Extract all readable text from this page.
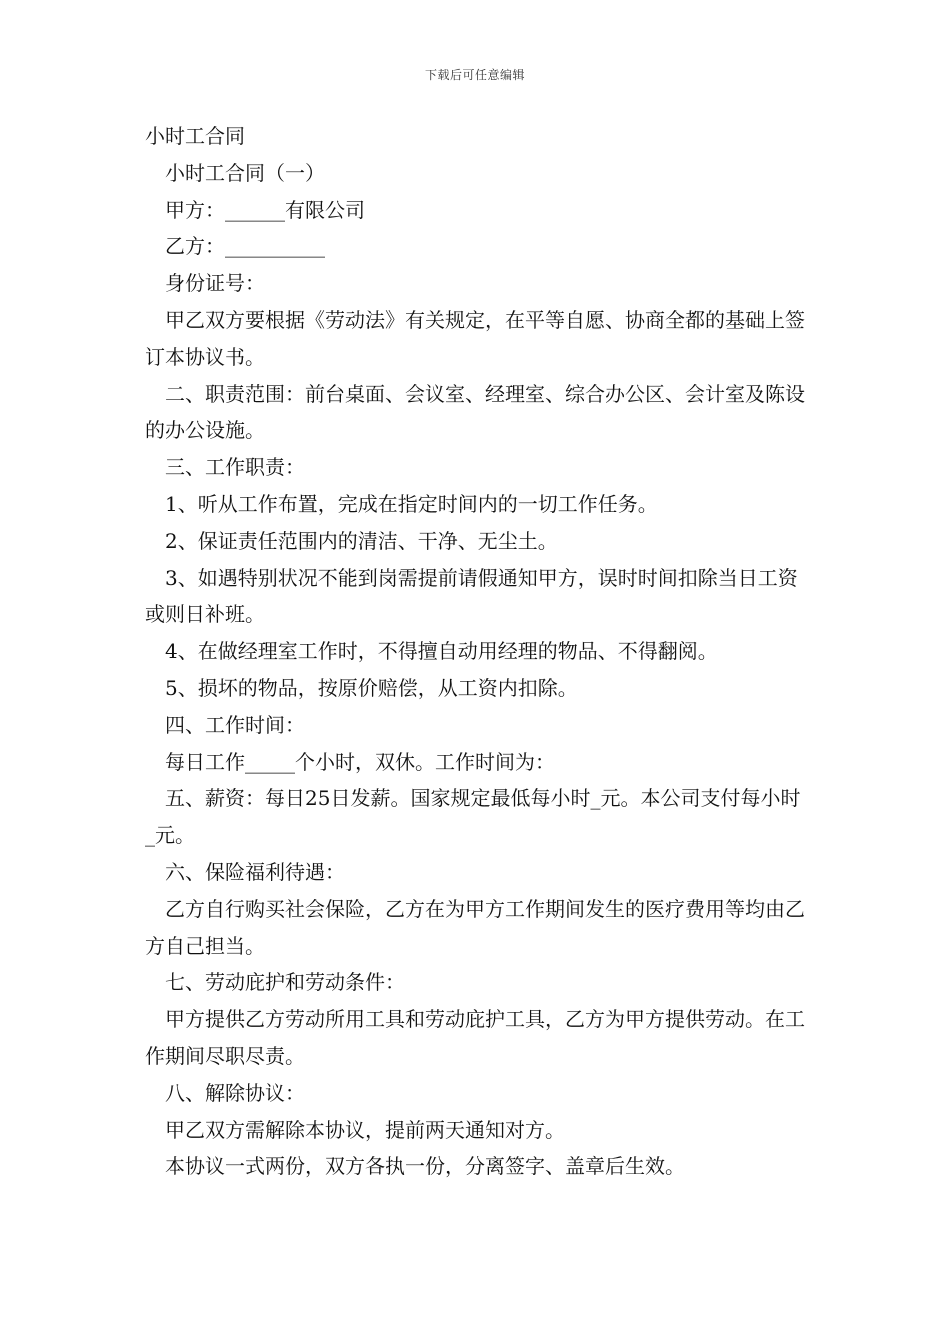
下载后可任意编辑

小时工合同

小时工合同（一）

甲方：______有限公司

乙方：__________

身份证号：

甲乙双方要根据《劳动法》有关规定，在平等自愿、协商全都的基础上签订本协议书。

二、职责范围：前台桌面、会议室、经理室、综合办公区、会计室及陈设的办公设施。

三、工作职责：

1、听从工作布置，完成在指定时间内的一切工作任务。

2、保证责任范围内的清洁、干净、无尘土。

3、如遇特别状况不能到岗需提前请假通知甲方，误时时间扣除当日工资或则日补班。

4、在做经理室工作时，不得擅自动用经理的物品、不得翻阅。

5、损坏的物品，按原价赔偿，从工资内扣除。

四、工作时间：

每日工作_____个小时，双休。工作时间为：

五、薪资：每日25日发薪。国家规定最低每小时_元。本公司支付每小时_元。

六、保险福利待遇：

乙方自行购买社会保险，乙方在为甲方工作期间发生的医疗费用等均由乙方自己担当。

七、劳动庇护和劳动条件：

甲方提供乙方劳动所用工具和劳动庇护工具，乙方为甲方提供劳动。在工作期间尽职尽责。

八、解除协议：

甲乙双方需解除本协议，提前两天通知对方。

本协议一式两份，双方各执一份，分离签字、盖章后生效。
